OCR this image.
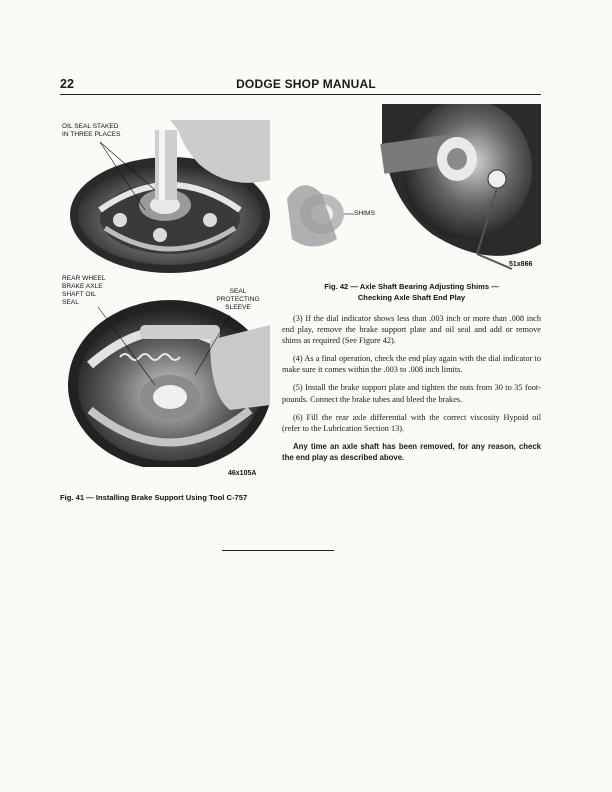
22	DODGE SHOP MANUAL
OIL SEAL STAKED
IN THREE PLACES
REAR WHEEL
BRAKE AXLE
SHAFT OIL
SEAL
SEAL
PROTECTING
SLEEVE
46x105A
Fig. 41 — Installing Brake Support Using Tool C-757
SHIMS
51x866
Fig. 42 — Axle Shaft Bearing Adjusting Shims —
Checking Axle Shaft End Play

(3) If the dial indicator shows less than .003 inch or more than .008 inch end play, remove the brake support plate and oil seal and add or remove shims as required (See Figure 42).

(4) As a final operation, check the end play again with the dial indicator to make sure it comes within the .003 to .008 inch limits.

(5) Install the brake support plate and tighten the nuts from 30 to 35 foot-pounds. Connect the brake tubes and bleed the brakes.

(6) Fill the rear axle differential with the correct viscosity Hypoid oil (refer to the Lubrication Section 13).

Any time an axle shaft has been removed, for any reason, check the end play as described above.
